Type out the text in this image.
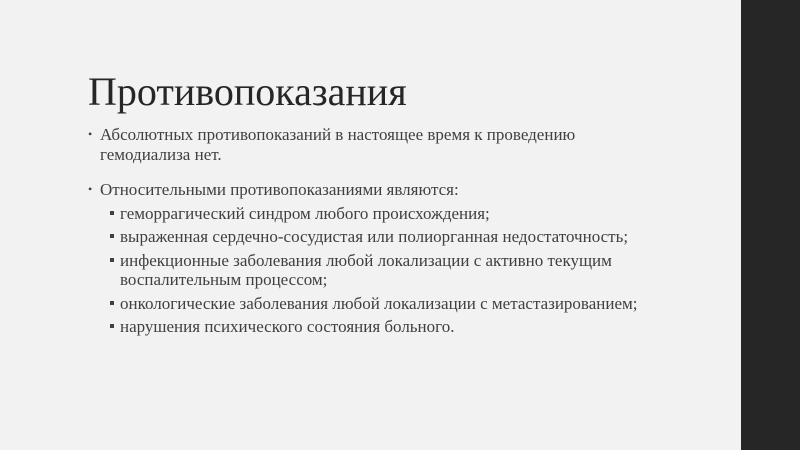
Противопоказания
• Абсолютных противопоказаний в настоящее время к проведению гемодиализа нет.
• Относительными противопоказаниями являются:
геморрагический синдром любого происхождения;
выраженная сердечно-сосудистая или полиорганная недостаточность;
инфекционные заболевания любой локализации с активно текущим воспалительным процессом;
онкологические заболевания любой локализации с метастазированием;
нарушения психического состояния больного.
